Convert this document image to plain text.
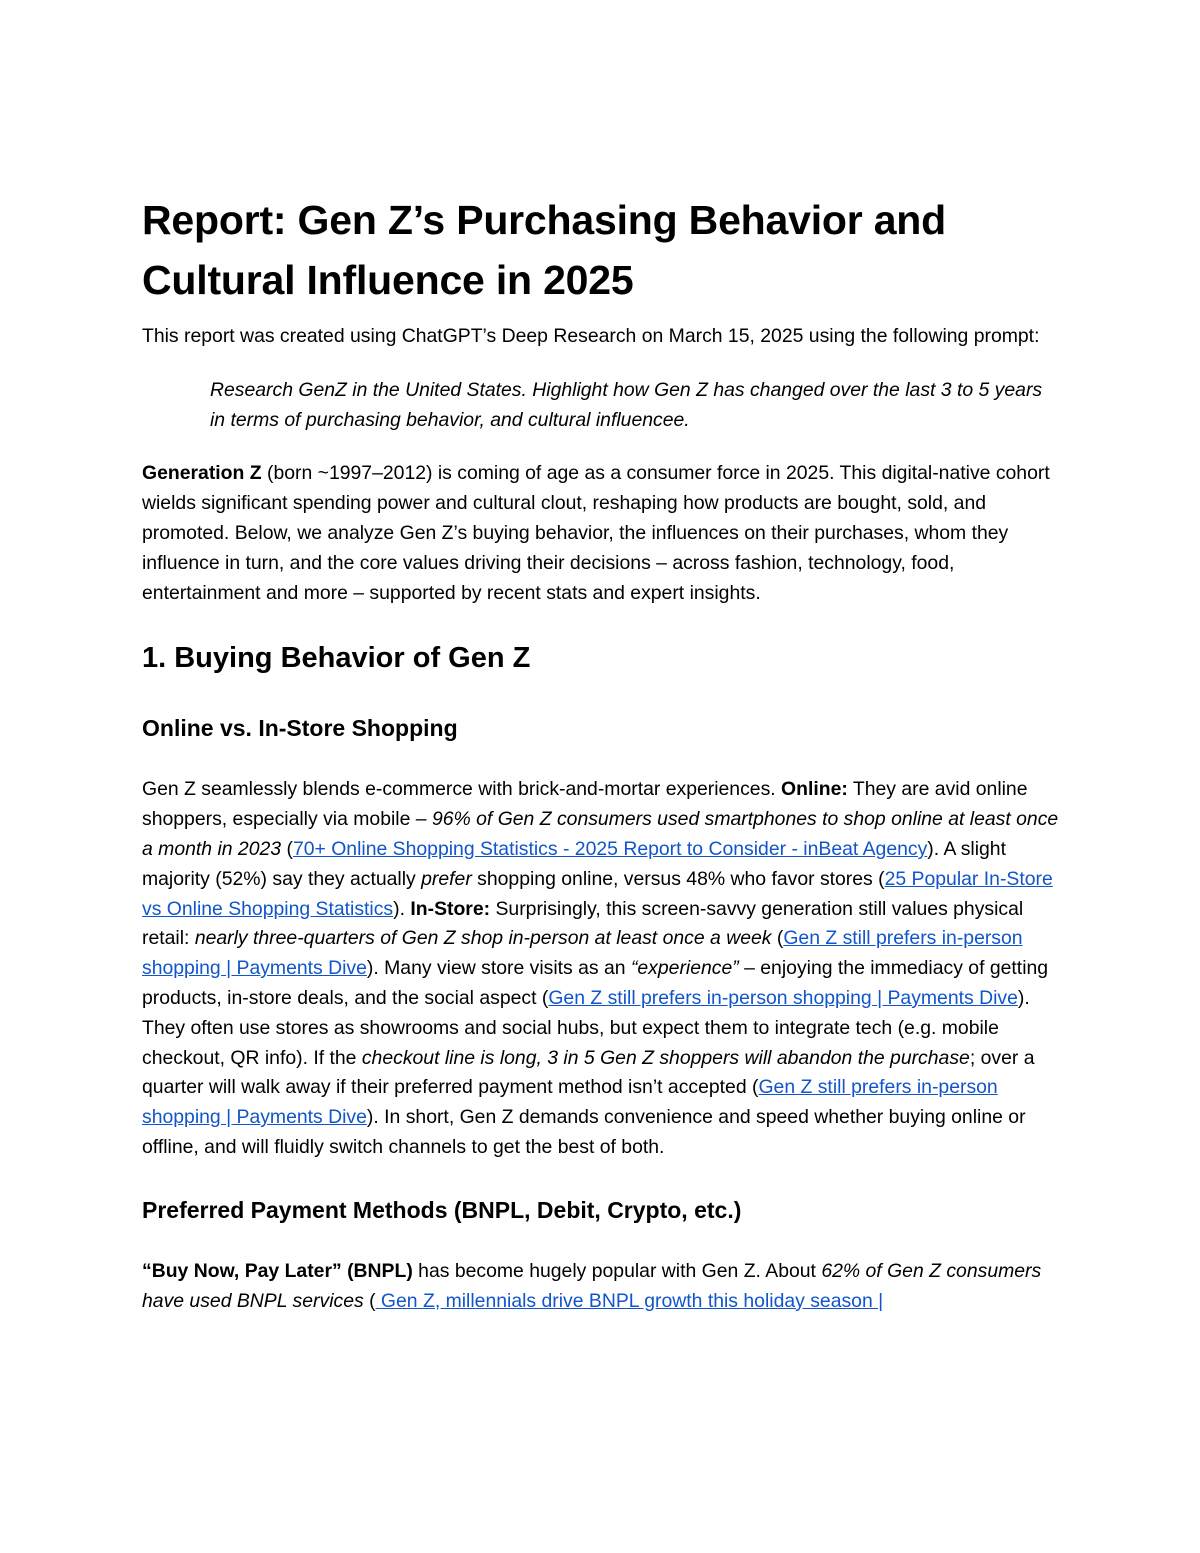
Report: Gen Z’s Purchasing Behavior and Cultural Influence in 2025

This report was created using ChatGPT’s Deep Research on March 15, 2025 using the following prompt:

Research GenZ in the United States. Highlight how Gen Z has changed over the last 3 to 5 years in terms of purchasing behavior, and cultural influencee.

Generation Z (born ~1997–2012) is coming of age as a consumer force in 2025. This digital-native cohort wields significant spending power and cultural clout, reshaping how products are bought, sold, and promoted. Below, we analyze Gen Z’s buying behavior, the influences on their purchases, whom they influence in turn, and the core values driving their decisions – across fashion, technology, food, entertainment and more – supported by recent stats and expert insights.

1. Buying Behavior of Gen Z
Online vs. In-Store Shopping

Gen Z seamlessly blends e-commerce with brick-and-mortar experiences. Online: They are avid online shoppers, especially via mobile – 96% of Gen Z consumers used smartphones to shop online at least once a month in 2023 (70+ Online Shopping Statistics - 2025 Report to Consider - inBeat Agency). A slight majority (52%) say they actually prefer shopping online, versus 48% who favor stores (25 Popular In-Store vs Online Shopping Statistics). In-Store: Surprisingly, this screen-savvy generation still values physical retail: nearly three-quarters of Gen Z shop in-person at least once a week (Gen Z still prefers in-person shopping | Payments Dive). Many view store visits as an “experience” – enjoying the immediacy of getting products, in-store deals, and the social aspect (Gen Z still prefers in-person shopping | Payments Dive). They often use stores as showrooms and social hubs, but expect them to integrate tech (e.g. mobile checkout, QR info). If the checkout line is long, 3 in 5 Gen Z shoppers will abandon the purchase; over a quarter will walk away if their preferred payment method isn’t accepted (Gen Z still prefers in-person shopping | Payments Dive). In short, Gen Z demands convenience and speed whether buying online or offline, and will fluidly switch channels to get the best of both.

Preferred Payment Methods (BNPL, Debit, Crypto, etc.)

“Buy Now, Pay Later” (BNPL) has become hugely popular with Gen Z. About 62% of Gen Z consumers have used BNPL services ( Gen Z, millennials drive BNPL growth this holiday season |
